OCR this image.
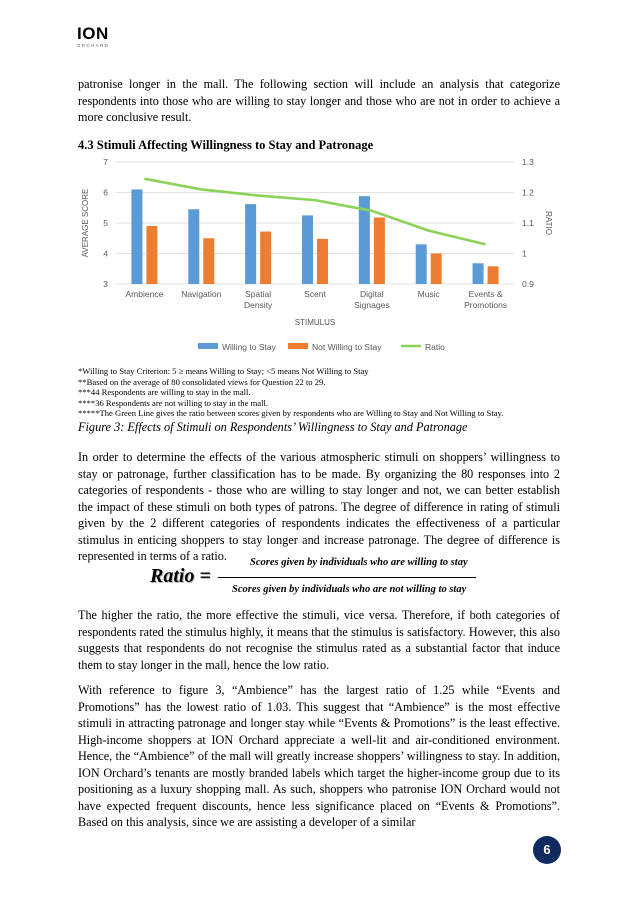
ION
ORCHARD

patronise longer in the mall. The following section will include an analysis that categorize respondents into those who are willing to stay longer and those who are not in order to achieve a more conclusive result.

4.3 Stimuli Affecting Willingness to Stay and Patronage

3
4
5
6
7
0.9
1
1.1
1.2
1.3
Ambience Navigation	Spatial
Density
Scent	Digital
Signages
Music	Events &
Promotions
STIMULUS
AVERAGE SCORE	RATIO
Willing to Stay	Not Willing to Stay	Ratio
*Willing to Stay Criterion: 5 ≥ means Willing to Stay; <5 means Not Willing to Stay
**Based on the average of 80 consolidated views for Question 22 to 29.
***44 Respondents are willing to stay in the mall.
****36 Respondents are not willing to stay in the mall.
*****The Green Line gives the ratio between scores given by respondents who are Willing to Stay and Not Willing to Stay.
Figure 3: Effects of Stimuli on Respondents’ Willingness to Stay and Patronage

In order to determine the effects of the various atmospheric stimuli on shoppers’ willingness to stay or patronage, further classification has to be made. By organizing the 80 responses into 2 categories of respondents - those who are willing to stay longer and not, we can better establish the impact of these stimuli on both types of patrons. The degree of difference in rating of stimuli given by the 2 different categories of respondents indicates the effectiveness of a particular stimulus in enticing shoppers to stay longer and increase patronage. The degree of difference is represented in terms of a ratio.

Ratio =
Scores given by individuals who are willing to stay
Scores given by individuals who are not willing to stay

The higher the ratio, the more effective the stimuli, vice versa. Therefore, if both categories of respondents rated the stimulus highly, it means that the stimulus is satisfactory. However, this also suggests that respondents do not recognise the stimulus rated as a substantial factor that induce them to stay longer in the mall, hence the low ratio.

With reference to figure 3, “Ambience” has the largest ratio of 1.25 while “Events and Promotions” has the lowest ratio of 1.03. This suggest that “Ambience” is the most effective stimuli in attracting patronage and longer stay while “Events & Promotions” is the least effective. High-income shoppers at ION Orchard appreciate a well-lit and air-conditioned environment. Hence, the “Ambience” of the mall will greatly increase shoppers’ willingness to stay. In addition, ION Orchard’s tenants are mostly branded labels which target the higher-income group due to its positioning as a luxury shopping mall. As such, shoppers who patronise ION Orchard would not have expected frequent discounts, hence less significance placed on “Events & Promotions”. Based on this analysis, since we are assisting a developer of a similar

6
